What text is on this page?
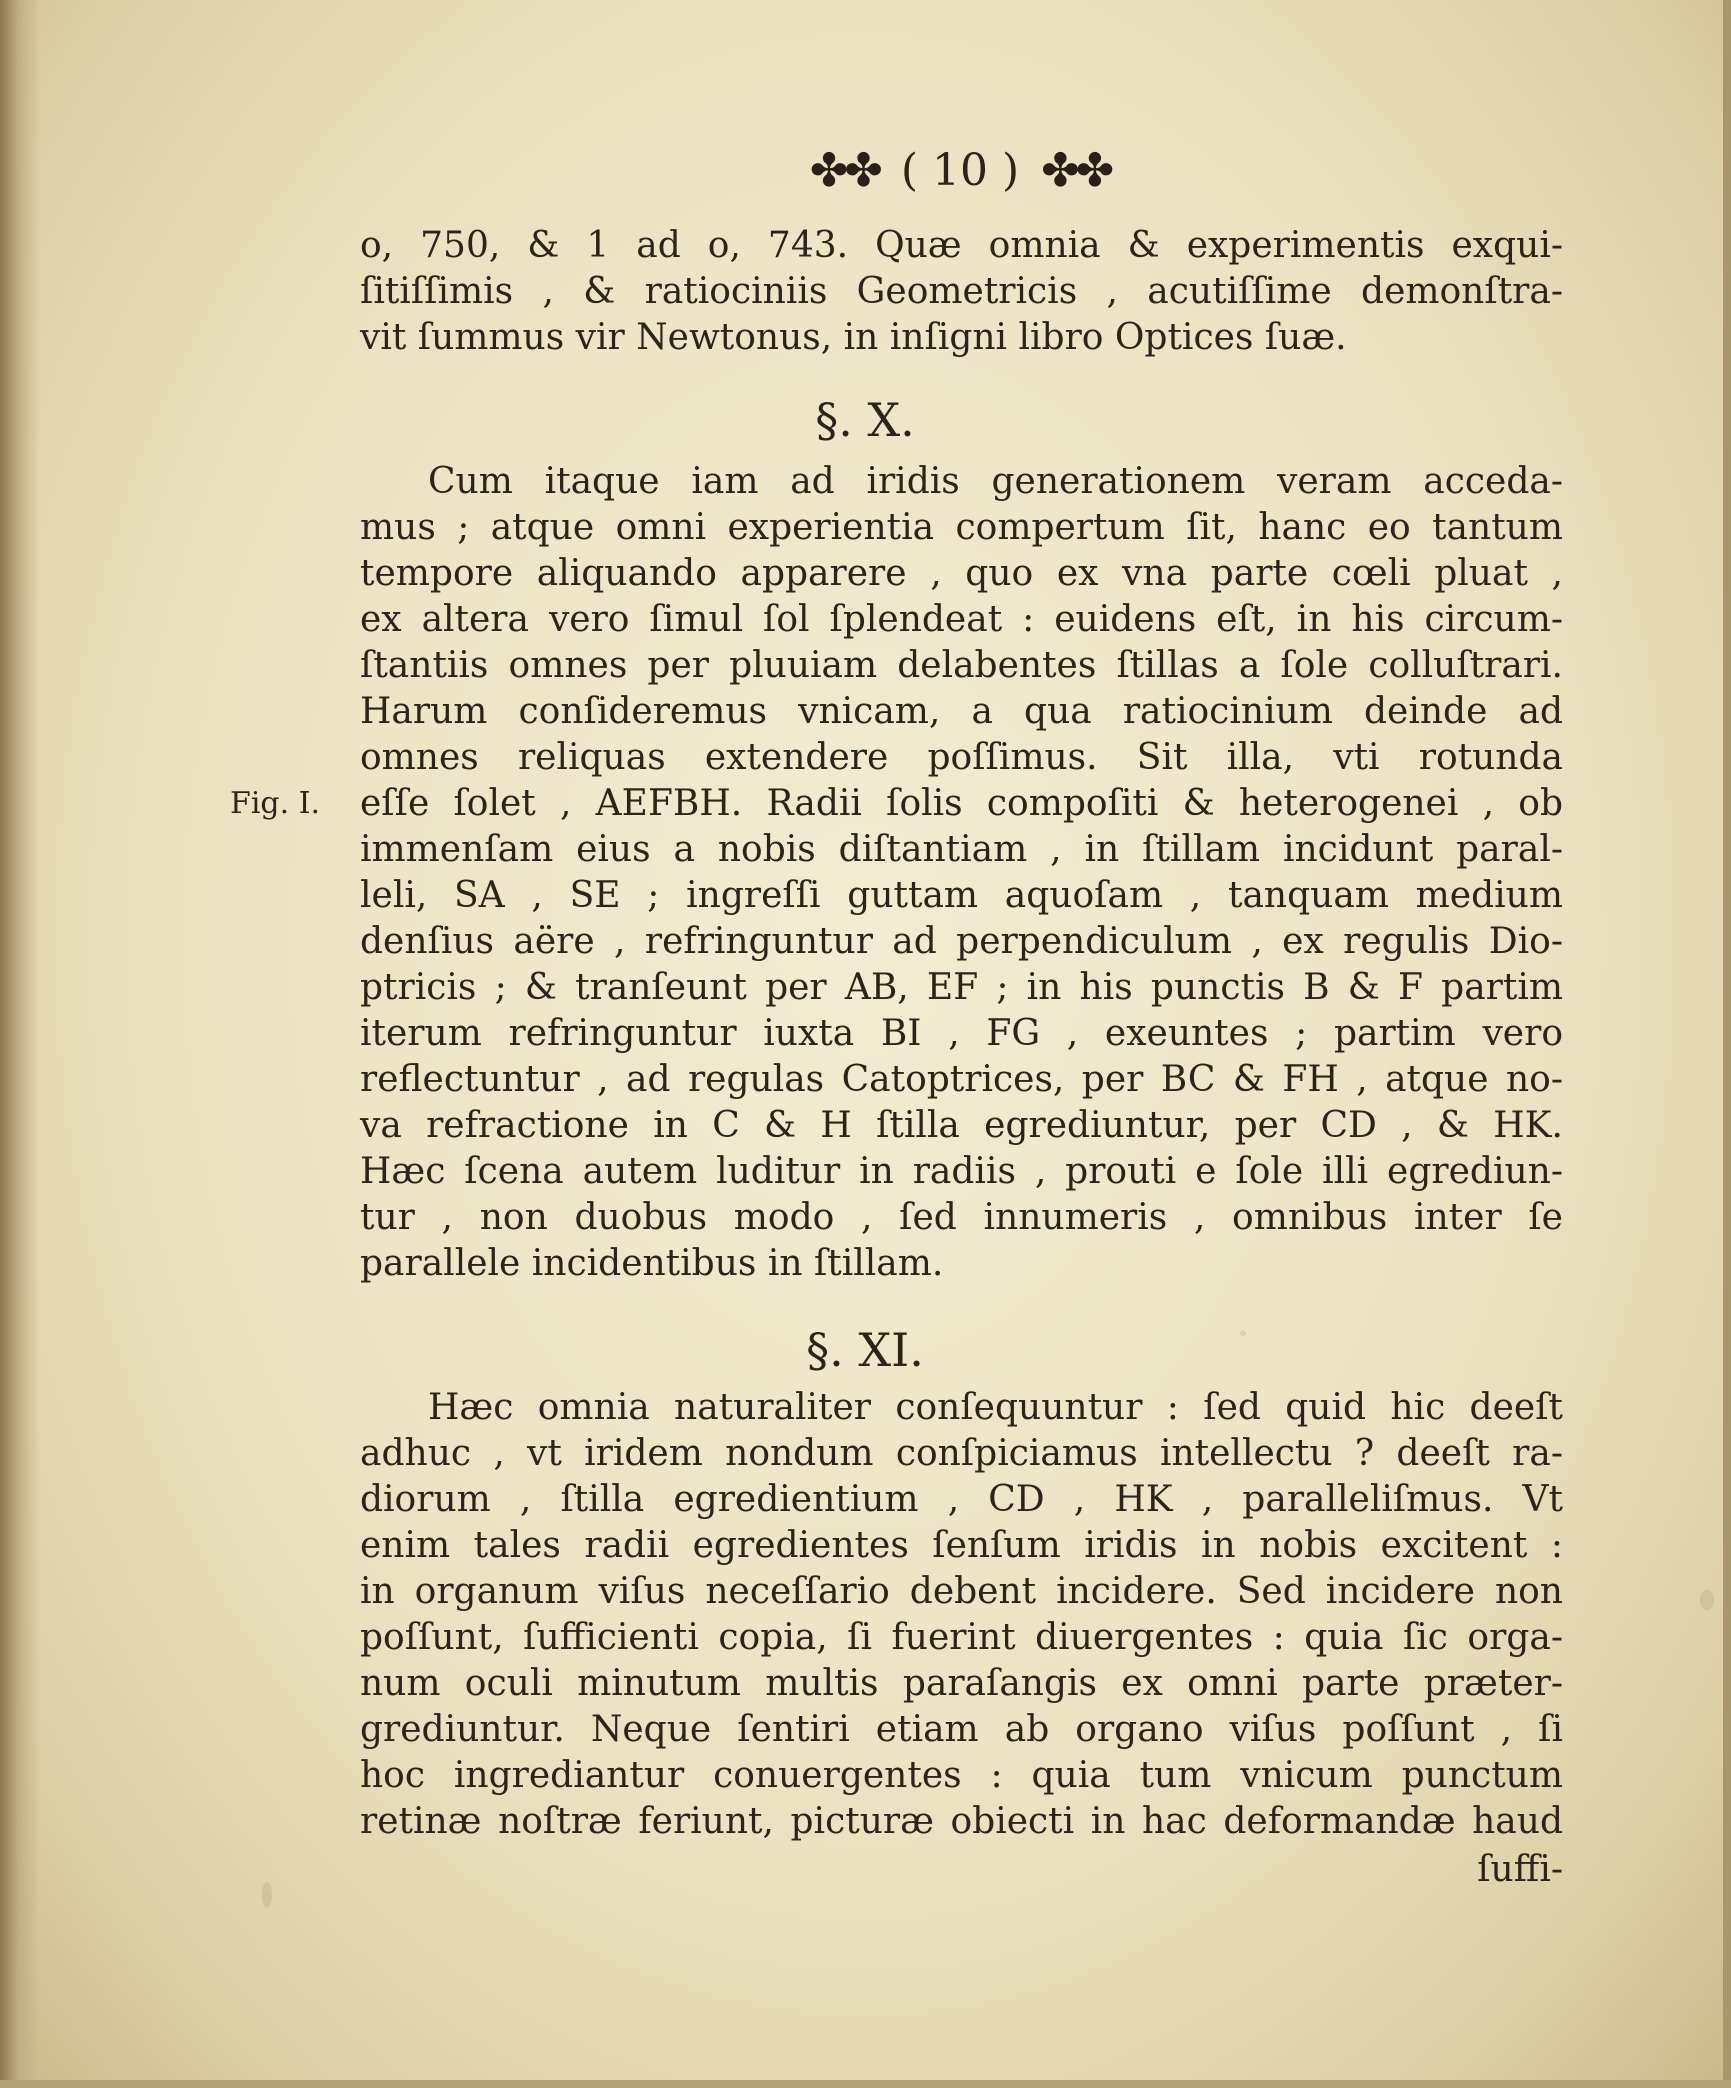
✤✤ ( 10 ) ✤✤
o, 750, & 1 ad o, 743. Quæ omnia & experimentis exqui-
ſitiſſimis , & ratiociniis Geometricis , acutiſſime demonſtra-
vit ſummus vir Newtonus, in inſigni libro Optices ſuæ.
§. X.
Cum itaque iam ad iridis generationem veram acceda-
mus ; atque omni experientia compertum ſit, hanc eo tantum
tempore aliquando apparere , quo ex vna parte cœli pluat ,
ex altera vero ſimul ſol ſplendeat : euidens eſt, in his circum-
ſtantiis omnes per pluuiam delabentes ſtillas a ſole colluſtrari.
Harum conſideremus vnicam, a qua ratiocinium deinde ad
omnes reliquas extendere poſſimus. Sit illa, vti rotunda
Fig. I. eſſe ſolet , AEFBH. Radii ſolis compoſiti & heterogenei , ob
immenſam eius a nobis diſtantiam , in ſtillam incidunt paral-
leli, SA , SE ; ingreſſi guttam aquoſam , tanquam medium
denſius aëre , refringuntur ad perpendiculum , ex regulis Dio-
ptricis ; & tranſeunt per AB, EF ; in his punctis B & F partim
iterum refringuntur iuxta BI , FG , exeuntes ; partim vero
reflectuntur , ad regulas Catoptrices, per BC & FH , atque no-
va refractione in C & H ſtilla egrediuntur, per CD , & HK.
Hæc ſcena autem luditur in radiis , prouti e ſole illi egrediun-
tur , non duobus modo , ſed innumeris , omnibus inter ſe
parallele incidentibus in ſtillam.
§. XI.
Hæc omnia naturaliter conſequuntur : ſed quid hic deeſt
adhuc , vt iridem nondum conſpiciamus intellectu ? deeſt ra-
diorum , ſtilla egredientium , CD , HK , paralleliſmus. Vt
enim tales radii egredientes ſenſum iridis in nobis excitent :
in organum viſus neceſſario debent incidere. Sed incidere non
poſſunt, ſufficienti copia, ſi fuerint diuergentes : quia ſic orga-
num oculi minutum multis paraſangis ex omni parte præter-
grediuntur. Neque ſentiri etiam ab organo viſus poſſunt , ſi
hoc ingrediantur conuergentes : quia tum vnicum punctum
retinæ noſtræ feriunt, picturæ obiecti in hac deformandæ haud
ſuffi-
